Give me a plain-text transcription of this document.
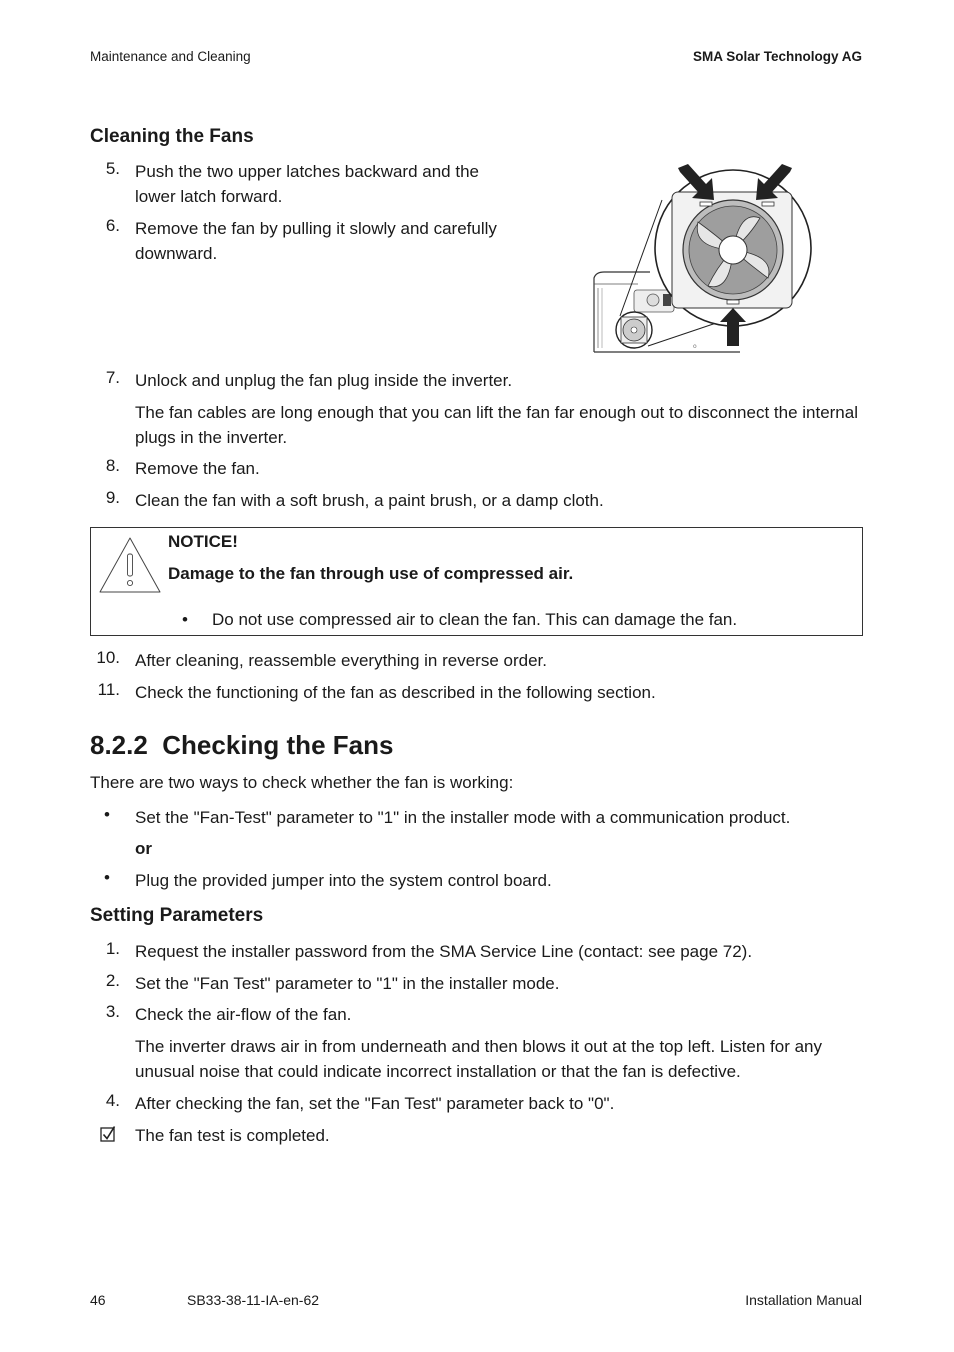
Maintenance and Cleaning	SMA Solar Technology AG
Cleaning the Fans
5. Push the two upper latches backward and the
lower latch forward.
6. Remove the fan by pulling it slowly and carefully
downward.
o
7. Unlock and unplug the fan plug inside the inverter.
The fan cables are long enough that you can lift the fan far enough out to disconnect the internal plugs in the inverter.
8. Remove the fan.
9. Clean the fan with a soft brush, a paint brush, or a damp cloth.
NOTICE!
Damage to the fan through use of compressed air.
• Do not use compressed air to clean the fan. This can damage the fan.
10. After cleaning, reassemble everything in reverse order.
11. Check the functioning of the fan as described in the following section.
8.2.2  Checking the Fans
There are two ways to check whether the fan is working:
• Set the "Fan-Test" parameter to "1" in the installer mode with a communication product.
or
• Plug the provided jumper into the system control board.
Setting Parameters
1. Request the installer password from the SMA Service Line (contact: see page 72).
2. Set the "Fan Test" parameter to "1" in the installer mode.
3. Check the air-flow of the fan.
The inverter draws air in from underneath and then blows it out at the top left. Listen for any unusual noise that could indicate incorrect installation or that the fan is defective.
4. After checking the fan, set the "Fan Test" parameter back to "0".
The fan test is completed.
46	SB33-38-11-IA-en-62	Installation Manual
